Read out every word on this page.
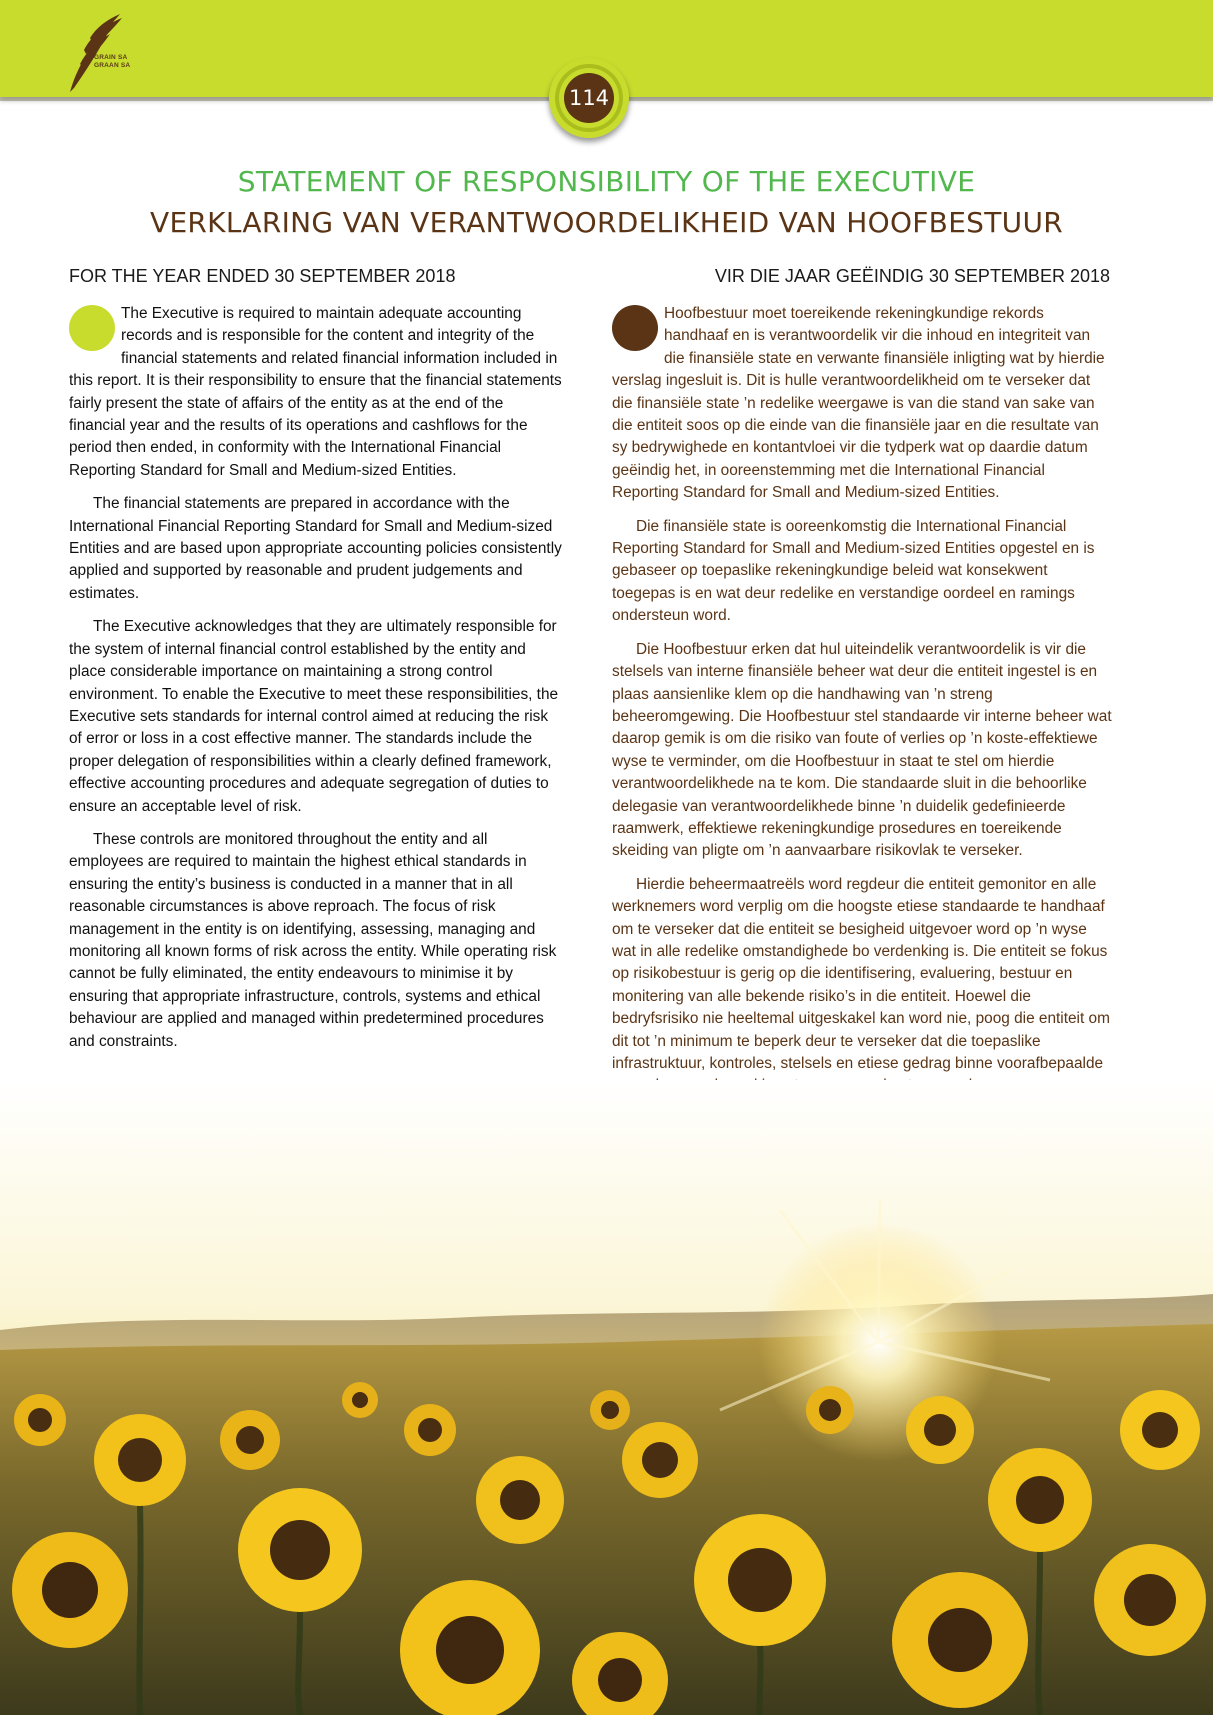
GRAIN SA
GRAAN SA
114
STATEMENT OF RESPONSIBILITY OF THE EXECUTIVE
VERKLARING VAN VERANTWOORDELIKHEID VAN HOOFBESTUUR
FOR THE YEAR ENDED 30 SEPTEMBER 2018	VIR DIE JAAR GEËINDIG 30 SEPTEMBER 2018

The Executive is required to maintain adequate accounting records and is responsible for the content and integrity of the financial statements and related financial information included in this report. It is their responsibility to ensure that the financial statements fairly present the state of affairs of the entity as at the end of the financial year and the results of its operations and cashflows for the period then ended, in conformity with the International Financial Reporting Standard for Small and Medium-sized Entities.

The financial statements are prepared in accordance with the International Financial Reporting Standard for Small and Medium-sized Entities and are based upon appropriate accounting policies consistently applied and supported by reasonable and prudent judgements and estimates.

The Executive acknowledges that they are ultimately responsible for the system of internal financial control established by the entity and place considerable importance on maintaining a strong control environment. To enable the Executive to meet these responsibilities, the Executive sets standards for internal control aimed at reducing the risk of error or loss in a cost effective manner. The standards include the proper delegation of responsibilities within a clearly defined framework, effective accounting procedures and adequate segregation of duties to ensure an acceptable level of risk.

These controls are monitored throughout the entity and all employees are required to maintain the highest ethical standards in ensuring the entity’s business is conducted in a manner that in all reasonable circumstances is above reproach. The focus of risk management in the entity is on identifying, assessing, managing and monitoring all known forms of risk across the entity. While operating risk cannot be fully eliminated, the entity endeavours to minimise it by ensuring that appropriate infrastructure, controls, systems and ethical behaviour are applied and managed within predetermined procedures and constraints.

Hoofbestuur moet toereikende rekeningkundige rekords handhaaf en is verantwoordelik vir die inhoud en integriteit van die finansiële state en verwante finansiële inligting wat by hierdie verslag ingesluit is. Dit is hulle verantwoordelikheid om te verseker dat die finansiële state ’n redelike weergawe is van die stand van sake van die entiteit soos op die einde van die finansiële jaar en die resultate van sy bedrywighede en kontantvloei vir die tydperk wat op daardie datum geëindig het, in ooreenstemming met die International Financial Reporting Standard for Small and Medium-sized Entities.

Die finansiële state is ooreenkomstig die International Financial Reporting Standard for Small and Medium-sized Entities opgestel en is gebaseer op toepaslike rekeningkundige beleid wat konsekwent toegepas is en wat deur redelike en verstandige oordeel en ramings ondersteun word.

Die Hoofbestuur erken dat hul uiteindelik verantwoordelik is vir die stelsels van interne finansiële beheer wat deur die entiteit ingestel is en plaas aansienlike klem op die handhawing van ’n streng beheeromgewing. Die Hoofbestuur stel standaarde vir interne beheer wat daarop gemik is om die risiko van foute of verlies op ’n koste-effektiewe wyse te verminder, om die Hoofbestuur in staat te stel om hierdie verantwoordelikhede na te kom. Die standaarde sluit in die behoorlike delegasie van verantwoordelikhede binne ’n duidelik gedefinieerde raamwerk, effektiewe rekeningkundige prosedures en toereikende skeiding van pligte om ’n aanvaarbare risikovlak te verseker.

Hierdie beheermaatreëls word regdeur die entiteit gemonitor en alle werknemers word verplig om die hoogste etiese standaarde te handhaaf om te verseker dat die entiteit se besigheid uitgevoer word op ’n wyse wat in alle redelike omstandighede bo verdenking is. Die entiteit se fokus op risikobestuur is gerig op die identifisering, evaluering, bestuur en monitering van alle bekende risiko’s in die entiteit. Hoewel die bedryfsrisiko nie heeltemal uitgeskakel kan word nie, poog die entiteit om dit tot ’n minimum te beperk deur te verseker dat die toepaslike infrastruktuur, kontroles, stelsels en etiese gedrag binne voorafbepaalde
